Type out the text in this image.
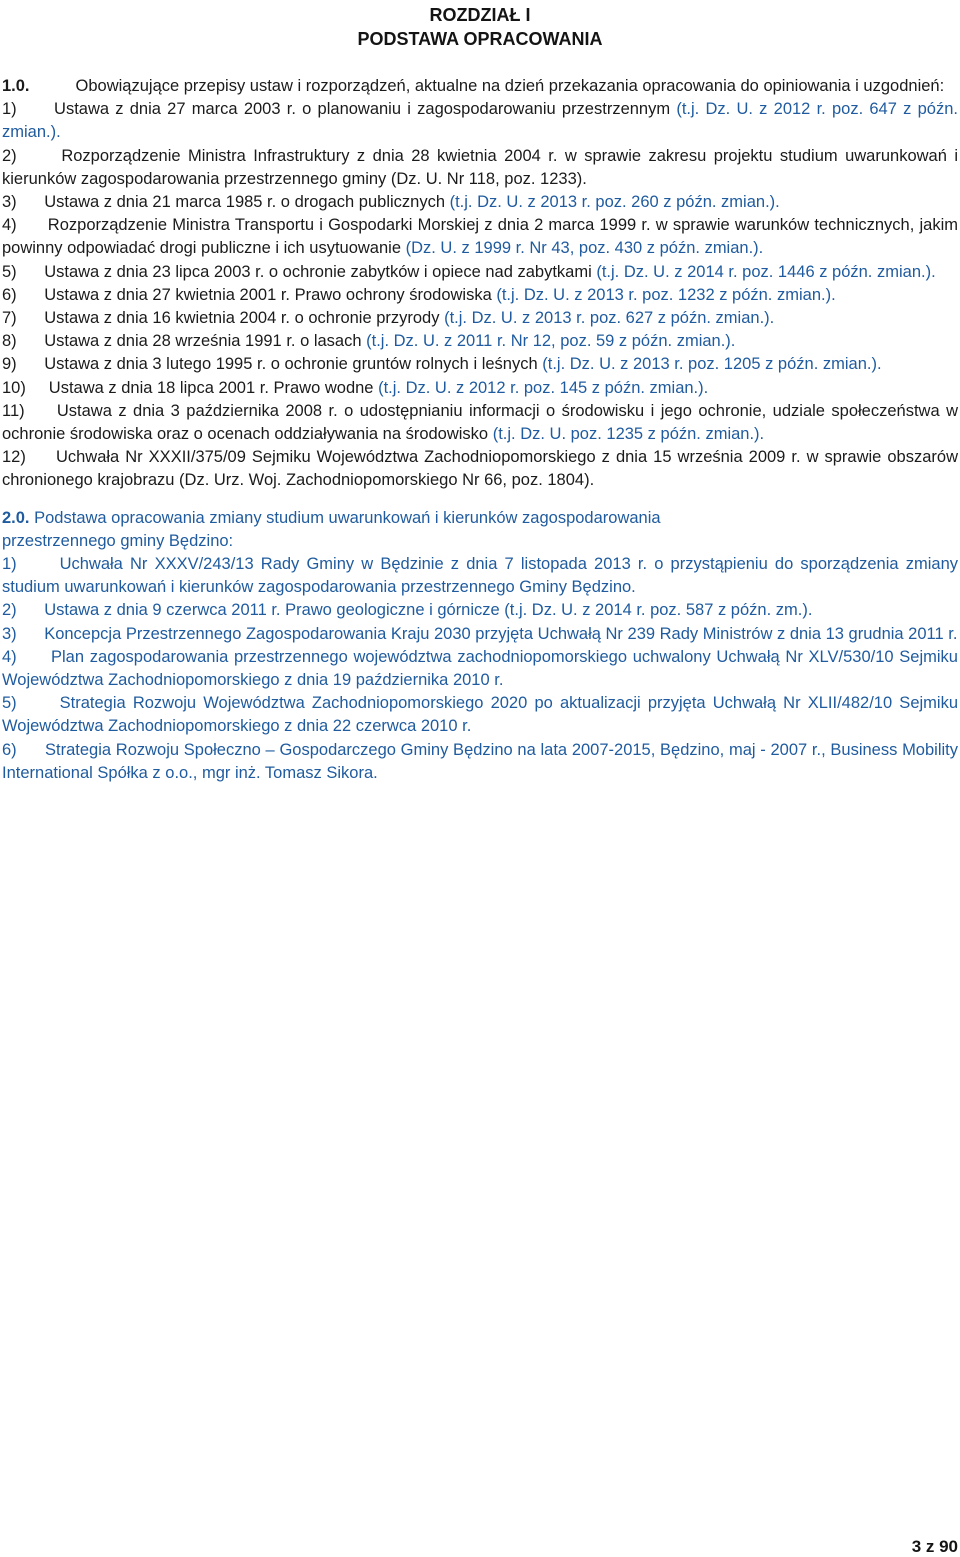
ROZDZIAŁ I
PODSTAWA OPRACOWANIA

1.0.	Obowiązujące przepisy ustaw i rozporządzeń, aktualne na dzień przekazania opracowania do opiniowania i uzgodnień:

1) Ustawa z dnia 27 marca 2003 r. o planowaniu i zagospodarowaniu przestrzennym (t.j. Dz. U. z 2012 r. poz. 647 z późn. zmian.).

2)	Rozporządzenie Ministra Infrastruktury z dnia 28 kwietnia 2004 r. w sprawie zakresu projektu studium uwarunkowań i kierunków zagospodarowania przestrzennego gminy (Dz. U. Nr 118, poz. 1233).

3) Ustawa z dnia 21 marca 1985 r. o drogach publicznych (t.j. Dz. U. z 2013 r. poz. 260 z późn. zmian.).

4) Rozporządzenie Ministra Transportu i Gospodarki Morskiej z dnia 2 marca 1999 r. w sprawie warunków technicznych, jakim powinny odpowiadać drogi publiczne i ich usytuowanie (Dz. U. z 1999 r. Nr 43, poz. 430 z późn. zmian.).

5) Ustawa z dnia 23 lipca 2003 r. o ochronie zabytków i opiece nad zabytkami (t.j. Dz. U. z 2014 r. poz. 1446 z późn. zmian.).

6) Ustawa z dnia 27 kwietnia 2001 r. Prawo ochrony środowiska (t.j. Dz. U. z 2013 r. poz. 1232 z późn. zmian.).

7) Ustawa z dnia 16 kwietnia 2004 r. o ochronie przyrody (t.j. Dz. U. z 2013 r. poz. 627 z późn. zmian.).

8) Ustawa z dnia 28 września 1991 r. o lasach (t.j. Dz. U. z 2011 r. Nr 12, poz. 59 z późn. zmian.).

9) Ustawa z dnia 3 lutego 1995 r. o ochronie gruntów rolnych i leśnych (t.j. Dz. U. z 2013 r. poz. 1205 z późn. zmian.).

10) Ustawa z dnia 18 lipca 2001 r. Prawo wodne (t.j. Dz. U. z 2012 r. poz. 145 z późn. zmian.).

11) Ustawa z dnia 3 października 2008 r. o udostępnianiu informacji o środowisku i jego ochronie, udziale społeczeństwa w ochronie środowiska oraz o ocenach oddziaływania na środowisko (t.j. Dz. U. poz. 1235 z późn. zmian.).

12) Uchwała Nr XXXII/375/09 Sejmiku Województwa Zachodniopomorskiego z dnia 15 września 2009 r. w sprawie obszarów chronionego krajobrazu (Dz. Urz. Woj. Zachodniopomorskiego Nr 66, poz. 1804).

2.0. Podstawa opracowania zmiany studium uwarunkowań i kierunków zagospodarowania
przestrzennego gminy Będzino:

1)	Uchwała Nr XXXV/243/13 Rady Gminy w Będzinie z dnia 7 listopada 2013 r. o przystąpieniu do sporządzenia zmiany studium uwarunkowań i kierunków zagospodarowania przestrzennego Gminy Będzino.

2) Ustawa z dnia 9 czerwca 2011 r. Prawo geologiczne i górnicze (t.j. Dz. U. z 2014 r. poz. 587 z późn. zm.).

3) Koncepcja Przestrzennego Zagospodarowania Kraju 2030 przyjęta Uchwałą Nr 239 Rady Ministrów z dnia 13 grudnia 2011 r.

4) Plan zagospodarowania przestrzennego województwa zachodniopomorskiego uchwalony Uchwałą Nr XLV/530/10 Sejmiku Województwa Zachodniopomorskiego z dnia 19 października 2010 r.

5)	Strategia Rozwoju Województwa Zachodniopomorskiego 2020 po aktualizacji przyjęta Uchwałą Nr XLII/482/10 Sejmiku Województwa Zachodniopomorskiego z dnia 22 czerwca 2010 r.

6) Strategia Rozwoju Społeczno – Gospodarczego Gminy Będzino na lata 2007-2015, Będzino, maj - 2007 r., Business Mobility International Spółka z o.o., mgr inż. Tomasz Sikora.

3 z 90
